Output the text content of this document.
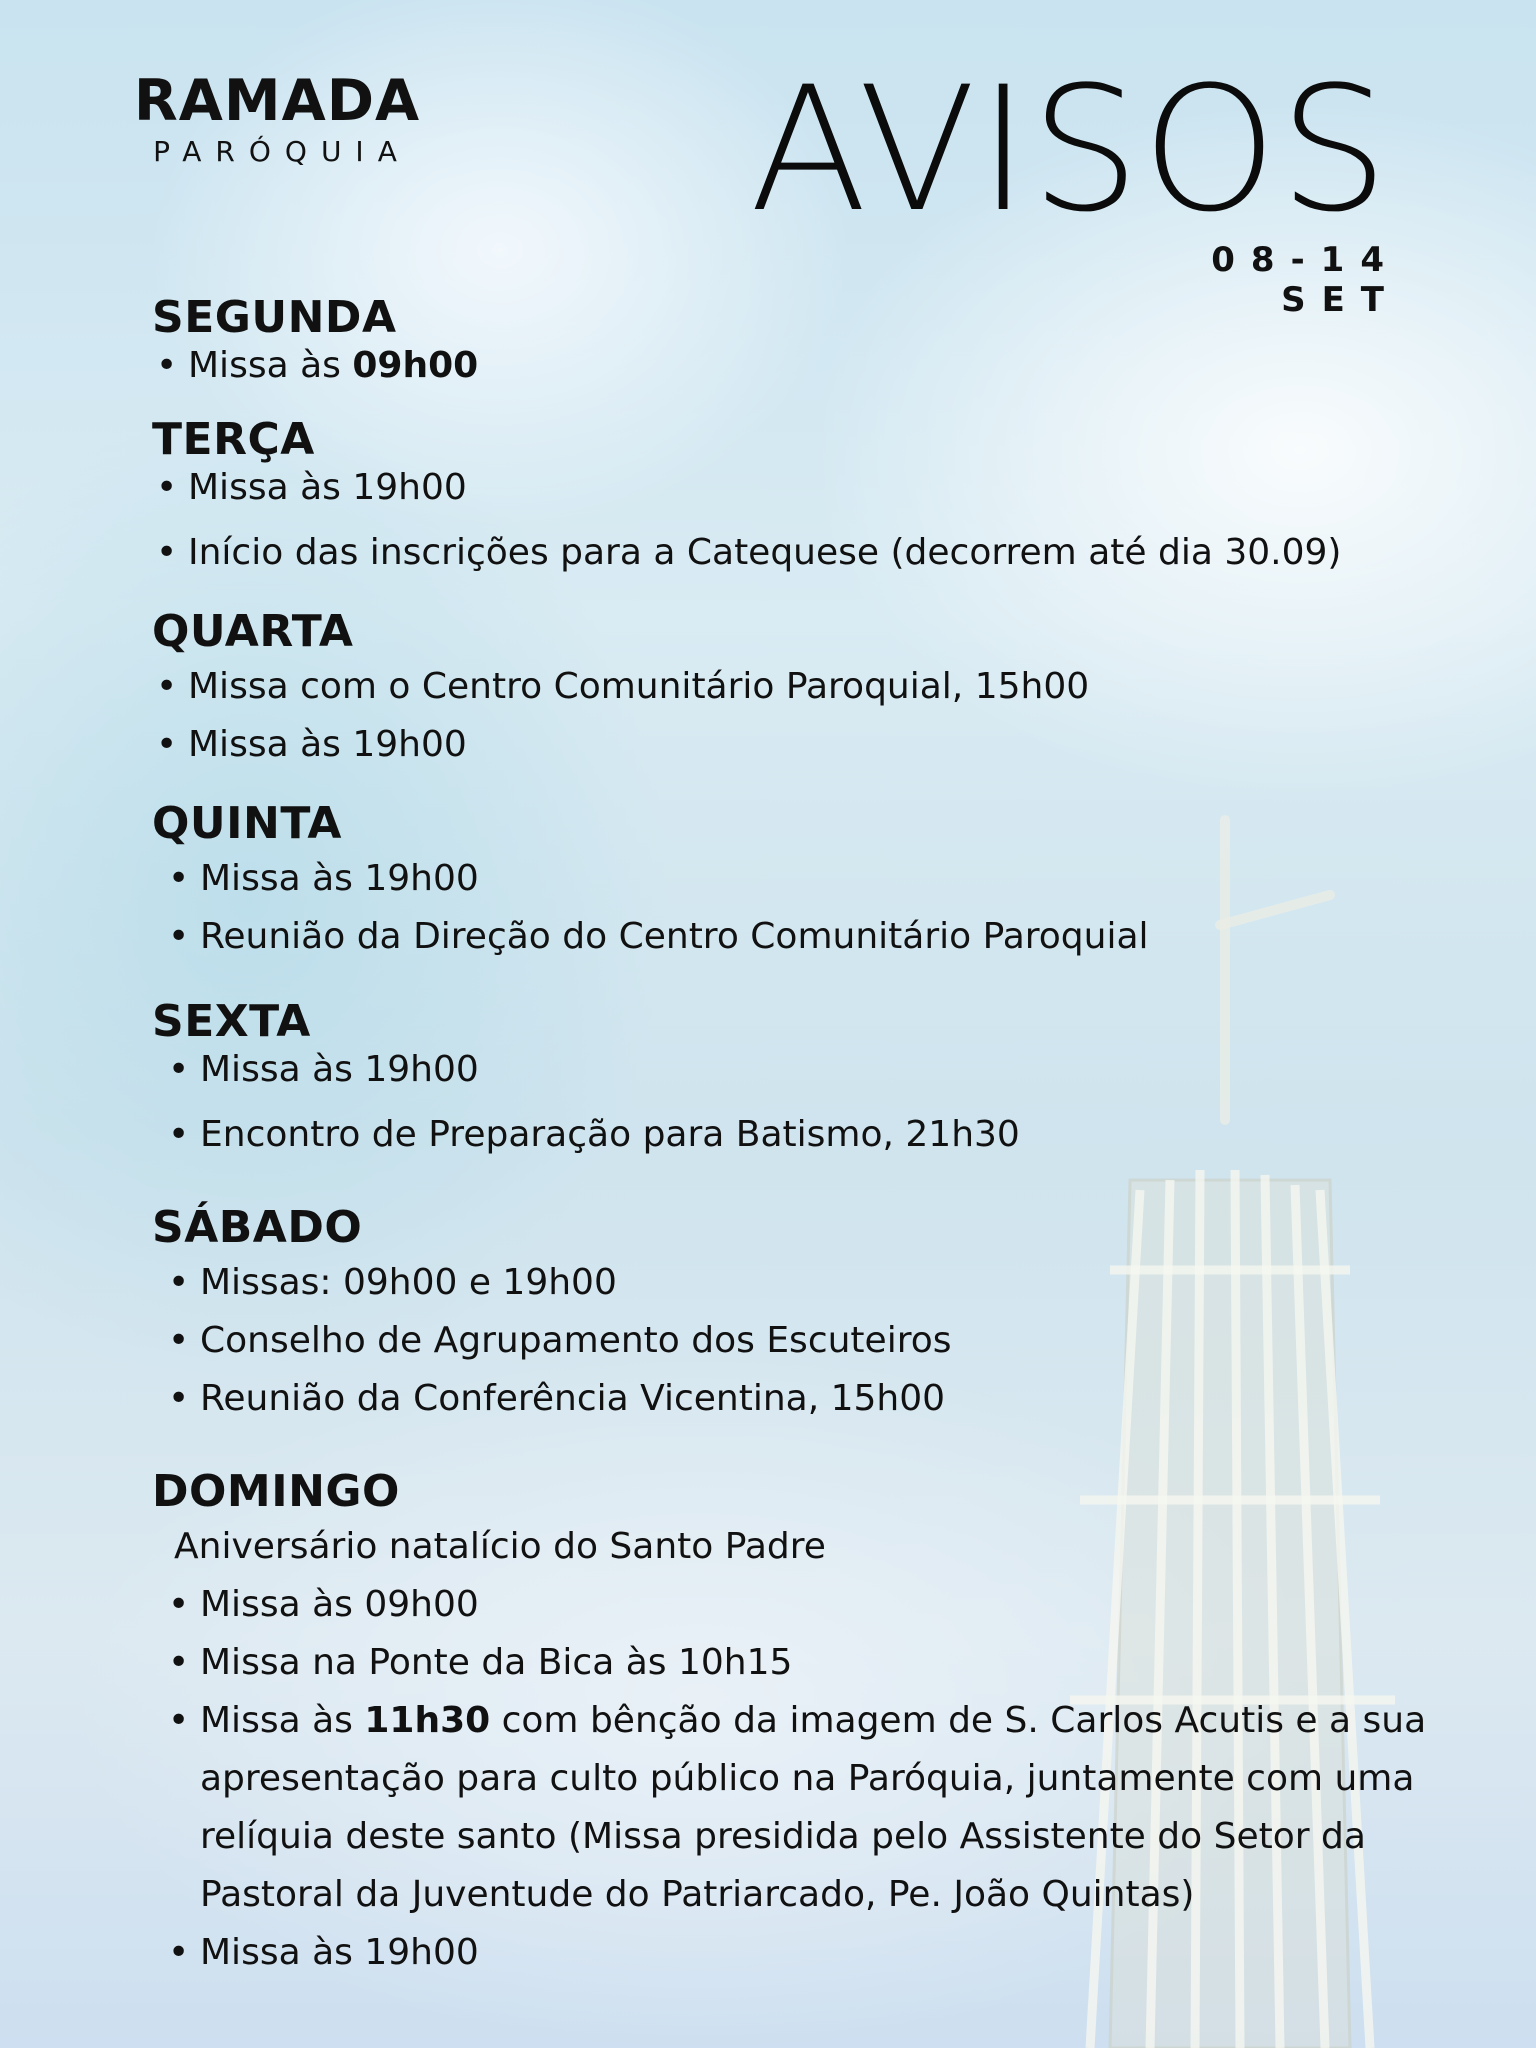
RAMADA
PARÓQUIA AVISOS
08-14 SET
SEGUNDA
• Missa às 09h00
TERÇA
• Missa às 19h00
• Início das inscrições para a Catequese (decorrem até dia 30.09)
QUARTA
• Missa com o Centro Comunitário Paroquial, 15h00
• Missa às 19h00
QUINTA
• Missa às 19h00
• Reunião da Direção do Centro Comunitário Paroquial
SEXTA
• Missa às 19h00
• Encontro de Preparação para Batismo, 21h30
SÁBADO
• Missas: 09h00 e 19h00
• Conselho de Agrupamento dos Escuteiros
• Reunião da Conferência Vicentina, 15h00
DOMINGO
Aniversário natalício do Santo Padre
• Missa às 09h00
• Missa na Ponte da Bica às 10h15
• Missa às 11h30 com bênção da imagem de S. Carlos Acutis e a sua apresentação para culto público na Paróquia, juntamente com uma relíquia deste santo (Missa presidida pelo Assistente do Setor da Pastoral da Juventude do Patriarcado, Pe. João Quintas)
• Missa às 19h00
